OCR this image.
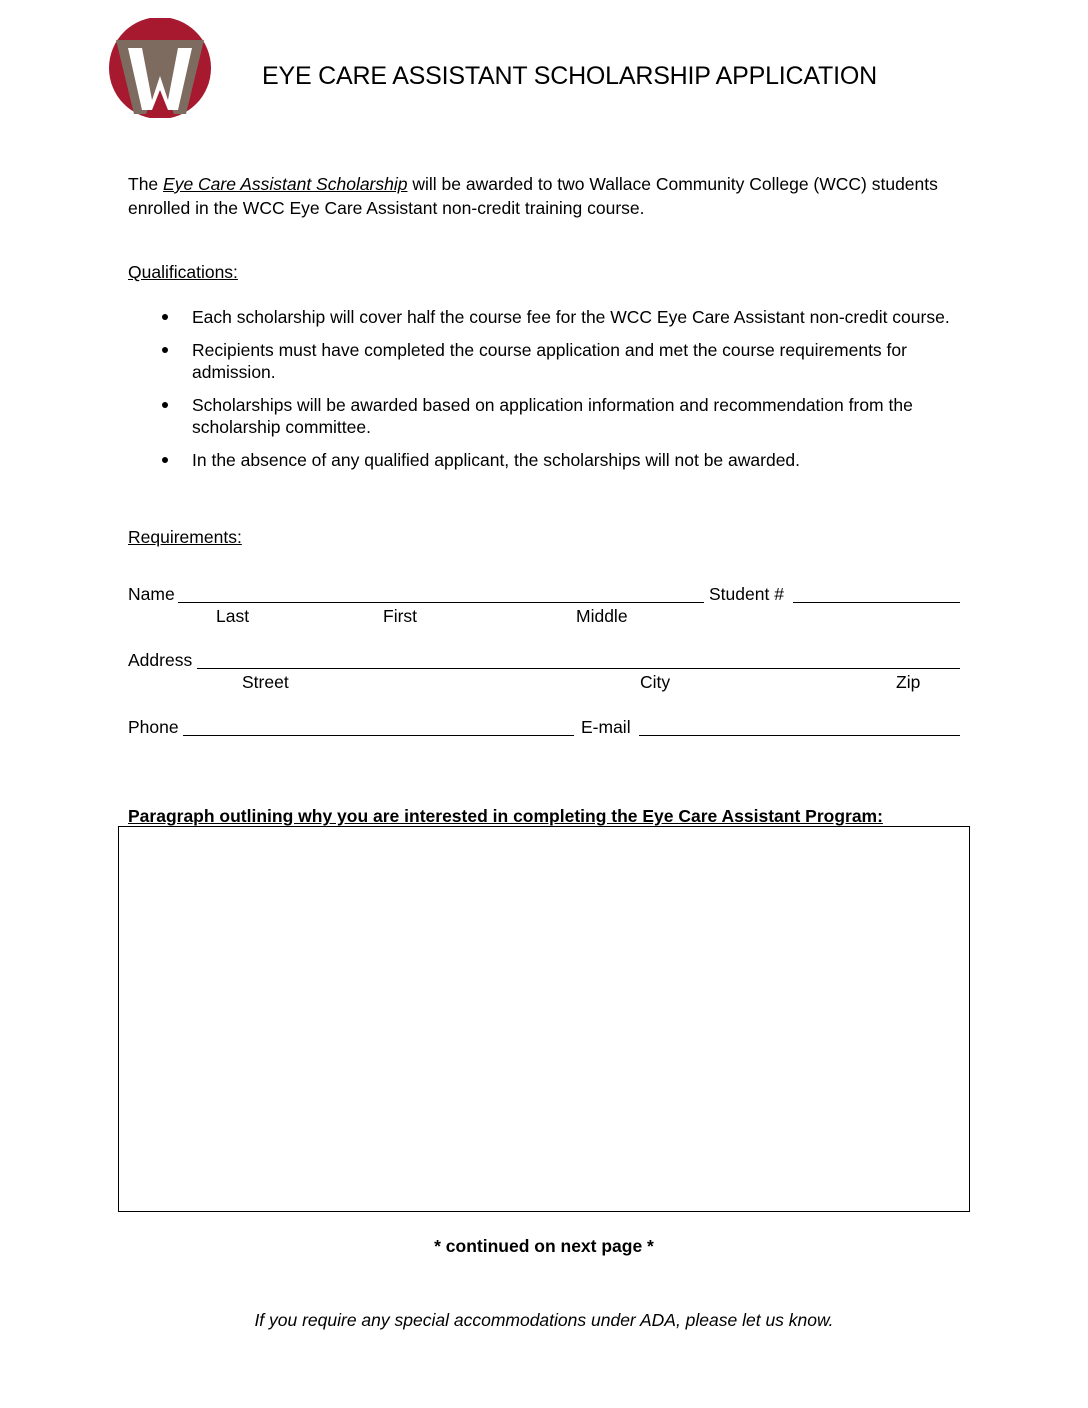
EYE CARE ASSISTANT SCHOLARSHIP APPLICATION
The Eye Care Assistant Scholarship will be awarded to two Wallace Community College (WCC) students enrolled in the WCC Eye Care Assistant non-credit training course.
Qualifications:
Each scholarship will cover half the course fee for the WCC Eye Care Assistant non-credit course.
Recipients must have completed the course application and met the course requirements for admission.
Scholarships will be awarded based on application information and recommendation from the scholarship committee.
In the absence of any qualified applicant, the scholarships will not be awarded.
Requirements:
Name	Student #
Last	First	Middle
Address
Street	City	Zip
Phone	E-mail
Paragraph outlining why you are interested in completing the Eye Care Assistant Program:
* continued on next page *
If you require any special accommodations under ADA, please let us know.
